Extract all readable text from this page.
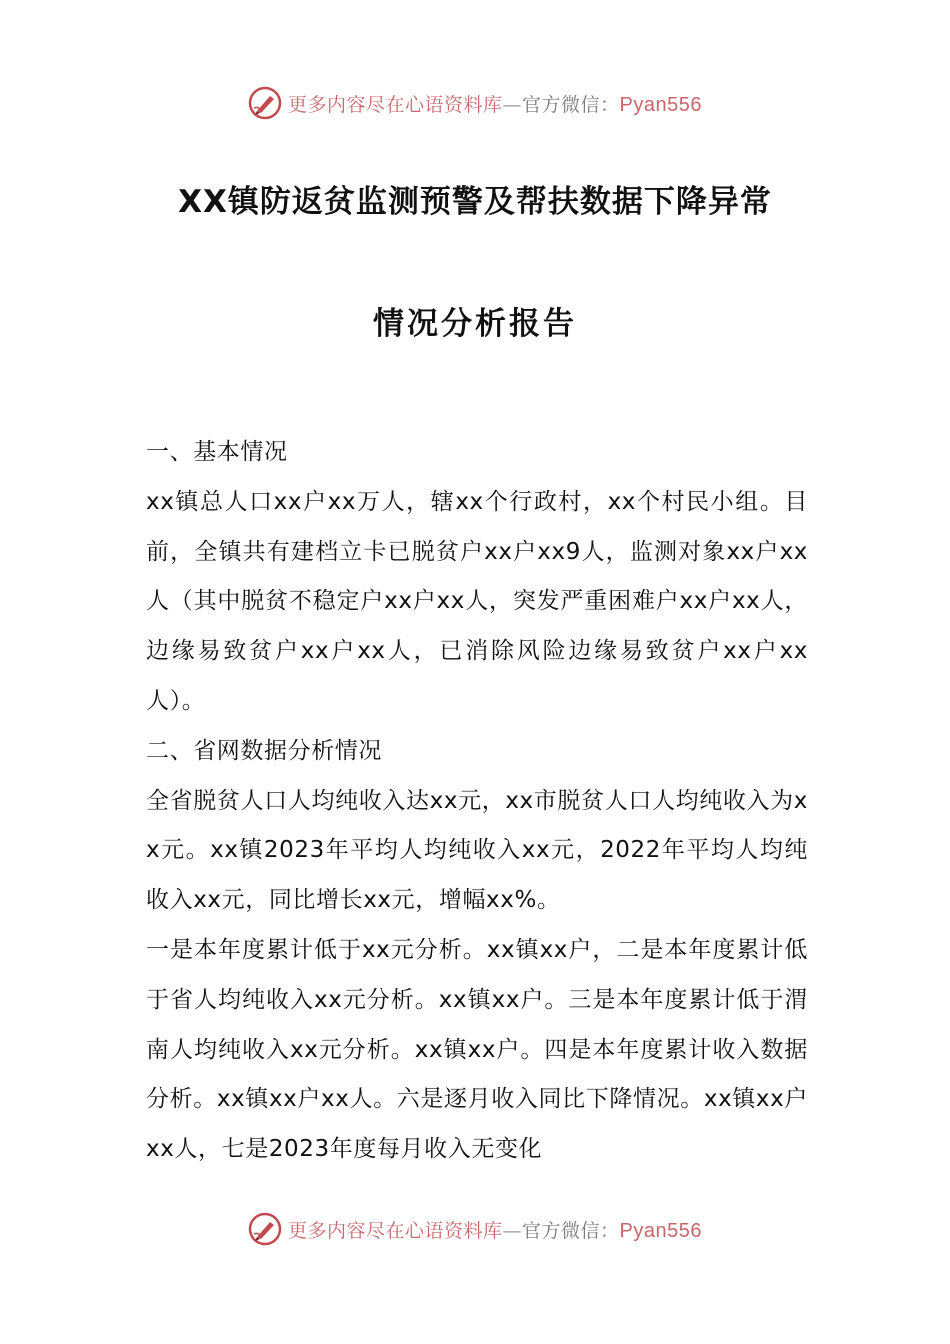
更多内容尽在心语资料库—官方微信：Pyan556
XX镇防返贫监测预警及帮扶数据下降异常
情况分析报告

一、基本情况

xx镇总人口xx户xx万人，辖xx个行政村，xx个村民小组。目前，全镇共有建档立卡已脱贫户xx户xx9人，监测对象xx户xx人（其中脱贫不稳定户xx户xx人，突发严重困难户xx户xx人，边缘易致贫户xx户xx人，已消除风险边缘易致贫户xx户xx人）。

二、省网数据分析情况

全省脱贫人口人均纯收入达xx元，xx市脱贫人口人均纯收入为xx元。xx镇2023年平均人均纯收入xx元，2022年平均人均纯收入xx元，同比增长xx元，增幅xx%。

一是本年度累计低于xx元分析。xx镇xx户，二是本年度累计低于省人均纯收入xx元分析。xx镇xx户。三是本年度累计低于渭南人均纯收入xx元分析。xx镇xx户。四是本年度累计收入数据分析。xx镇xx户xx人。六是逐月收入同比下降情况。xx镇xx户xx人，七是2023年度每月收入无变化

更多内容尽在心语资料库—官方微信：Pyan556
